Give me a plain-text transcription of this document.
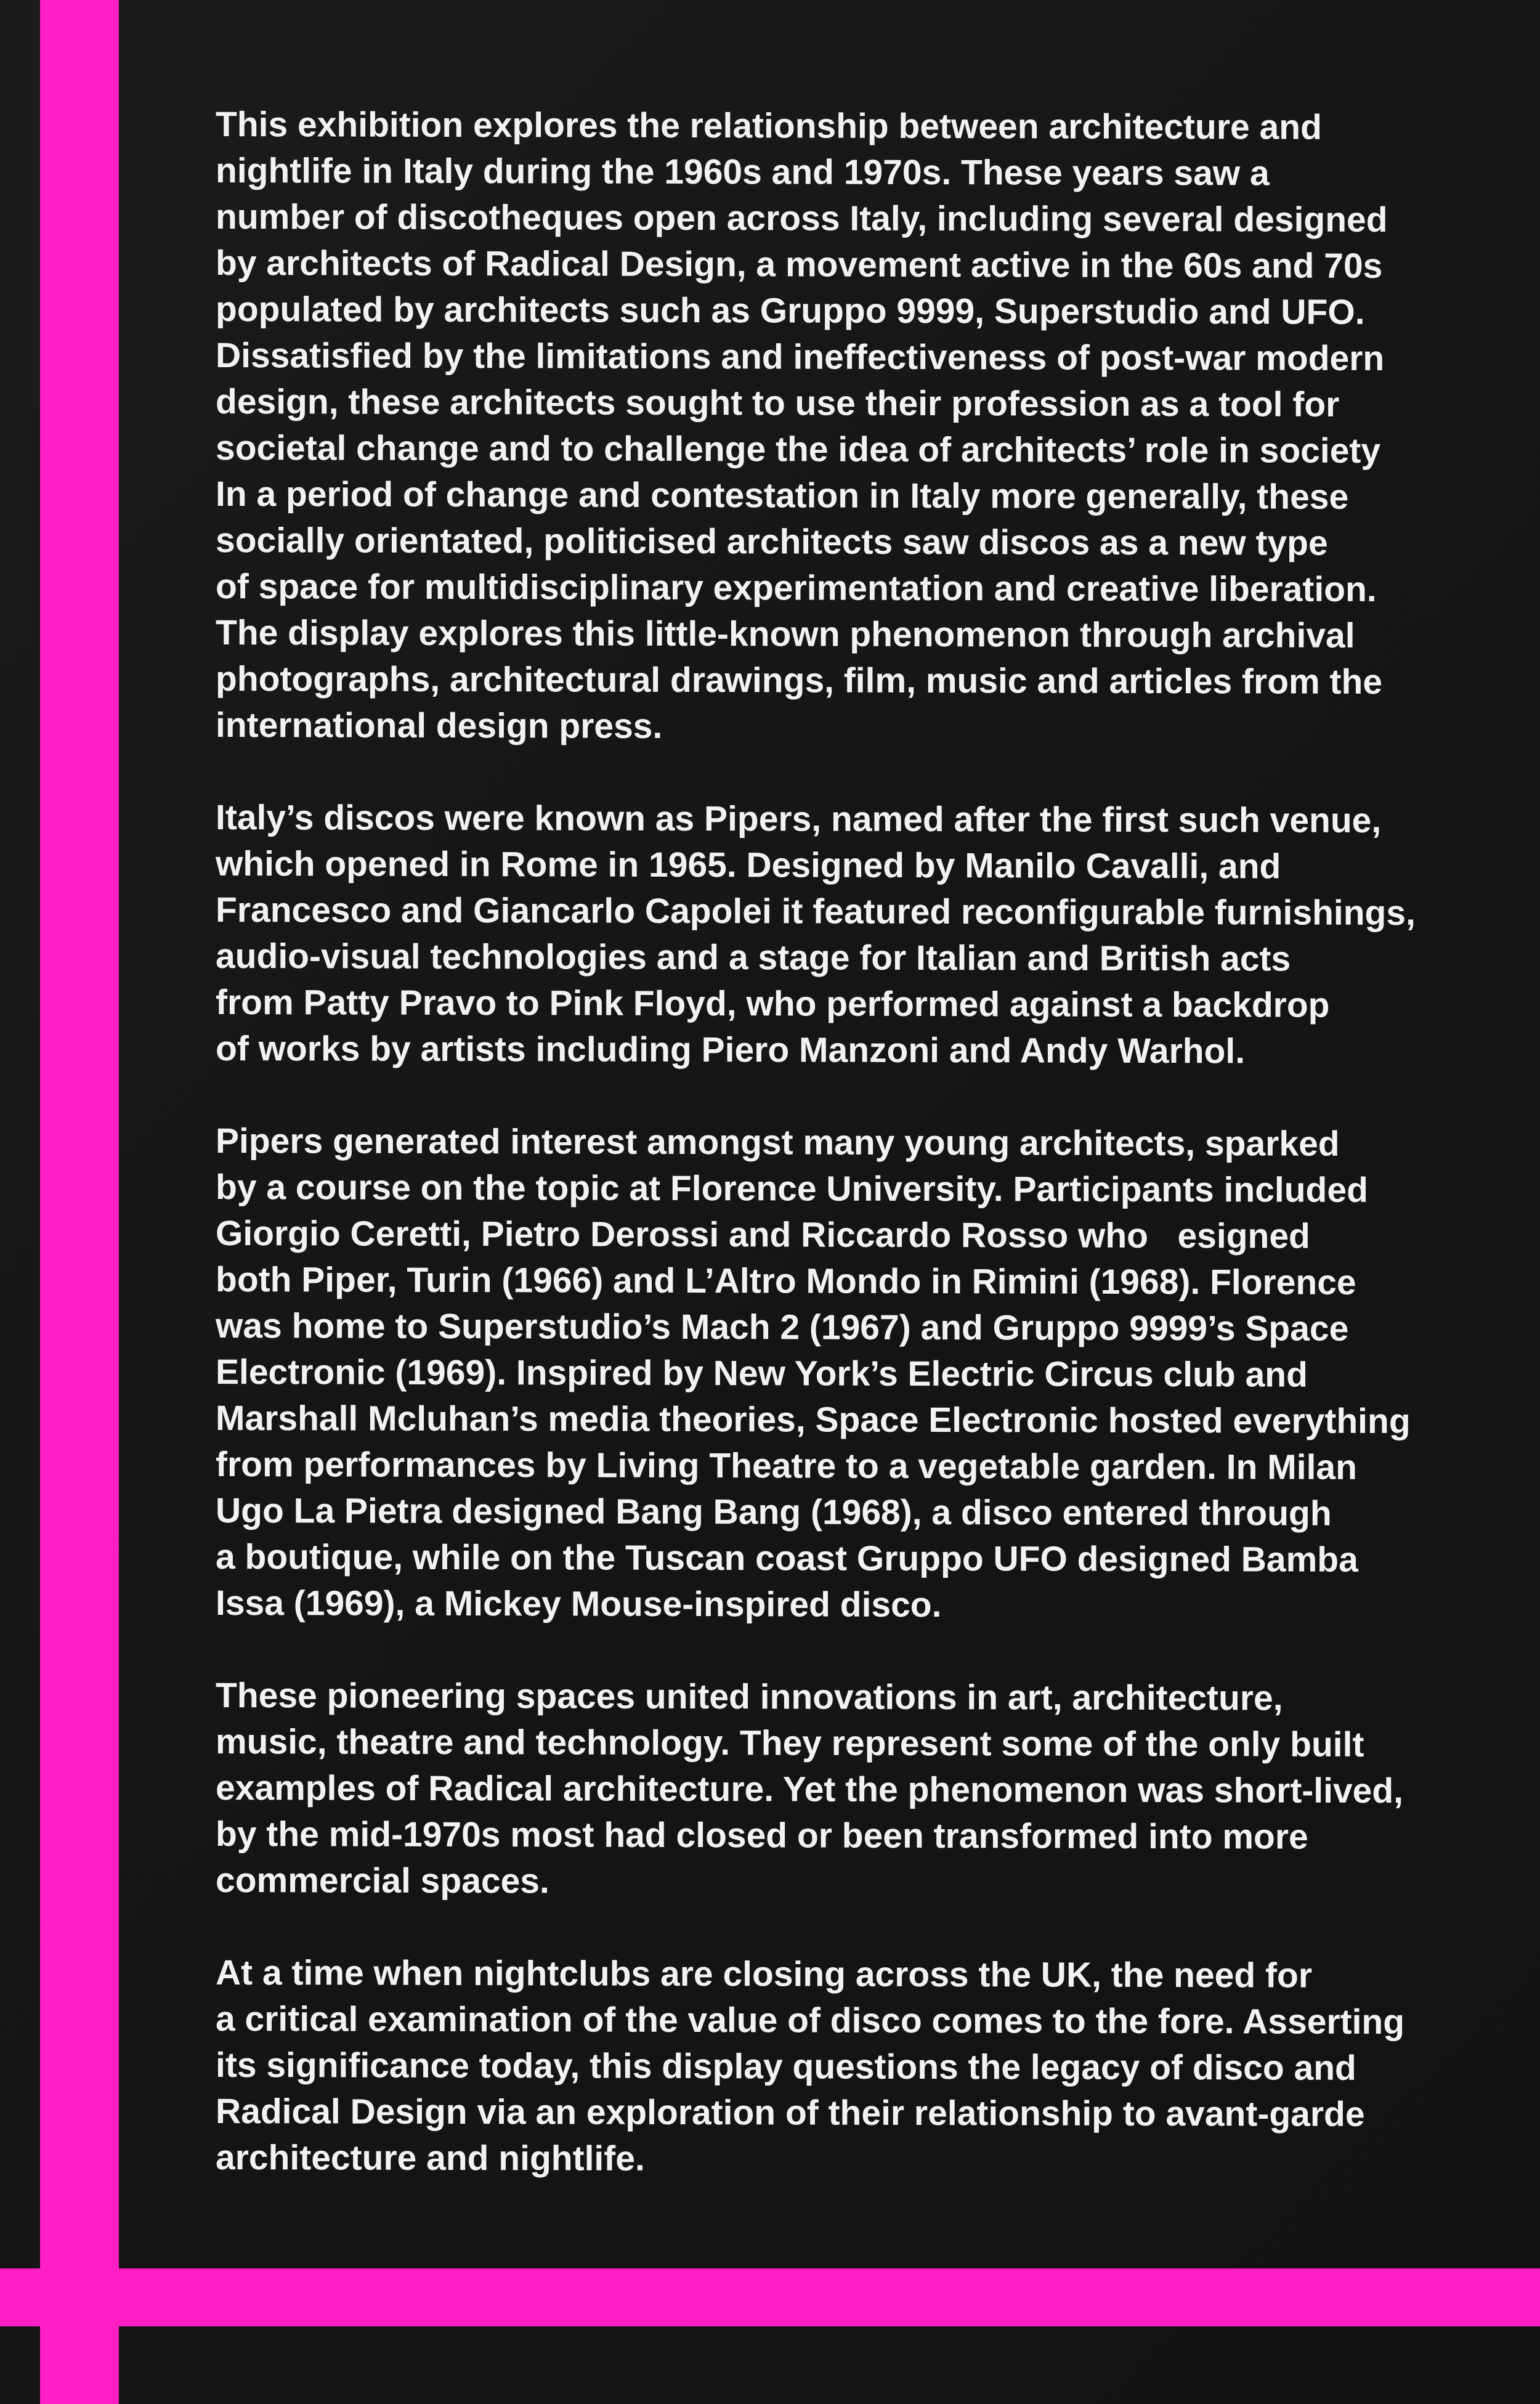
This exhibition explores the relationship between architecture and
nightlife in Italy during the 1960s and 1970s. These years saw a
number of discotheques open across Italy, including several designed
by architects of Radical Design, a movement active in the 60s and 70s
populated by architects such as Gruppo 9999, Superstudio and UFO.
Dissatisfied by the limitations and ineffectiveness of post-war modern
design, these architects sought to use their profession as a tool for
societal change and to challenge the idea of architects’ role in society
In a period of change and contestation in Italy more generally, these
socially orientated, politicised architects saw discos as a new type
of space for multidisciplinary experimentation and creative liberation.
The display explores this little-known phenomenon through archival
photographs, architectural drawings, film, music and articles from the
international design press.
Italy’s discos were known as Pipers, named after the first such venue,
which opened in Rome in 1965. Designed by Manilo Cavalli, and
Francesco and Giancarlo Capolei it featured reconfigurable furnishings,
audio-visual technologies and a stage for Italian and British acts
from Patty Pravo to Pink Floyd, who performed against a backdrop
of works by artists including Piero Manzoni and Andy Warhol.
Pipers generated interest amongst many young architects, sparked
by a course on the topic at Florence University. Participants included
Giorgio Ceretti, Pietro Derossi and Riccardo Rosso who   esigned
both Piper, Turin (1966) and L’Altro Mondo in Rimini (1968). Florence
was home to Superstudio’s Mach 2 (1967) and Gruppo 9999’s Space
Electronic (1969). Inspired by New York’s Electric Circus club and
Marshall Mcluhan’s media theories, Space Electronic hosted everything
from performances by Living Theatre to a vegetable garden. In Milan
Ugo La Pietra designed Bang Bang (1968), a disco entered through
a boutique, while on the Tuscan coast Gruppo UFO designed Bamba
Issa (1969), a Mickey Mouse-inspired disco.
These pioneering spaces united innovations in art, architecture,
music, theatre and technology. They represent some of the only built
examples of Radical architecture. Yet the phenomenon was short-lived,
by the mid-1970s most had closed or been transformed into more
commercial spaces.
At a time when nightclubs are closing across the UK, the need for
a critical examination of the value of disco comes to the fore. Asserting
its significance today, this display questions the legacy of disco and
Radical Design via an exploration of their relationship to avant-garde
architecture and nightlife.
